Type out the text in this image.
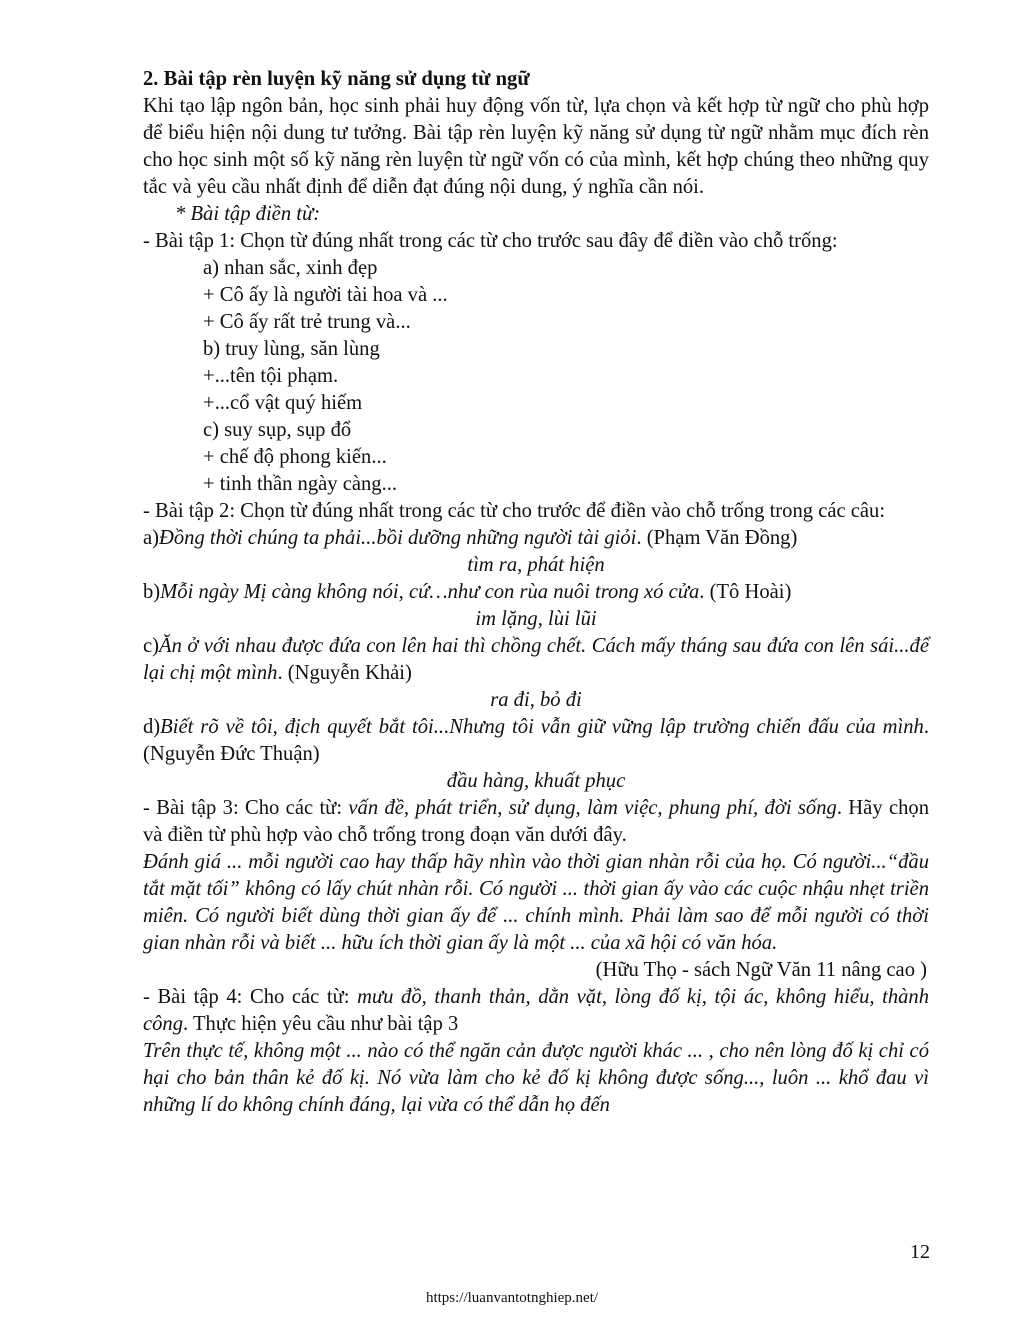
2. Bài tập rèn luyện kỹ năng sử dụng từ ngữ

Khi tạo lập ngôn bản, học sinh phải huy động vốn từ, lựa chọn và kết hợp từ ngữ cho phù hợp để biểu hiện nội dung tư tưởng. Bài tập rèn luyện kỹ năng sử dụng từ ngữ nhằm mục đích rèn cho học sinh một số kỹ năng rèn luyện từ ngữ vốn có của mình, kết hợp chúng theo những quy tắc và yêu cầu nhất định để diễn đạt đúng nội dung, ý nghĩa cần nói.

* Bài tập điền từ:

- Bài tập 1: Chọn từ đúng nhất trong các từ cho trước sau đây để điền vào chỗ trống:

a) nhan sắc, xinh đẹp
+ Cô ấy là người tài hoa và ...
+ Cô ấy rất trẻ trung và...
b) truy lùng, săn lùng
+...tên tội phạm.
+...cổ vật quý hiếm
c) suy sụp, sụp đổ
+ chế độ phong kiến...
+ tinh thần ngày càng...

- Bài tập 2: Chọn từ đúng nhất trong các từ cho trước để điền vào chỗ trống trong các câu:

a)Đồng thời chúng ta phải...bồi dưỡng những người tài giỏi. (Phạm Văn Đồng)

tìm ra, phát hiện

b)Mỗi ngày Mị càng không nói, cứ…như con rùa nuôi trong xó cửa. (Tô Hoài)

im lặng, lùi lũi

c)Ăn ở với nhau được đứa con lên hai thì chồng chết. Cách mấy tháng sau đứa con lên sái...để lại chị một mình. (Nguyễn Khải)

ra đi, bỏ đi

d)Biết rõ về tôi, địch quyết bắt tôi...Nhưng tôi vẫn giữ vững lập trường chiến đấu của mình. (Nguyễn Đức Thuận)

đầu hàng, khuất phục

- Bài tập 3: Cho các từ: vấn đề, phát triển, sử dụng, làm việc, phung phí, đời sống. Hãy chọn và điền từ phù hợp vào chỗ trống trong đoạn văn dưới đây.

Đánh giá ... mỗi người cao hay thấp hãy nhìn vào thời gian nhàn rỗi của họ. Có người...“đầu tắt mặt tối” không có lấy chút nhàn rỗi. Có người ... thời gian ấy vào các cuộc nhậu nhẹt triền miên. Có người biết dùng thời gian ấy để ... chính mình. Phải làm sao để mỗi người có thời gian nhàn rỗi và biết ... hữu ích thời gian ấy là một ... của xã hội có văn hóa.

(Hữu Thọ - sách Ngữ Văn 11 nâng cao )

- Bài tập 4: Cho các từ: mưu đồ, thanh thản, dằn vặt, lòng đố kị, tội ác, không hiểu, thành công. Thực hiện yêu cầu như bài tập 3

Trên thực tế, không một ... nào có thể ngăn cản được người khác ... , cho nên lòng đố kị chỉ có hại cho bản thân kẻ đố kị. Nó vừa làm cho kẻ đố kị không được sống..., luôn ... khổ đau vì những lí do không chính đáng, lại vừa có thể dẫn họ đến

12
https://luanvantotnghiep.net/
